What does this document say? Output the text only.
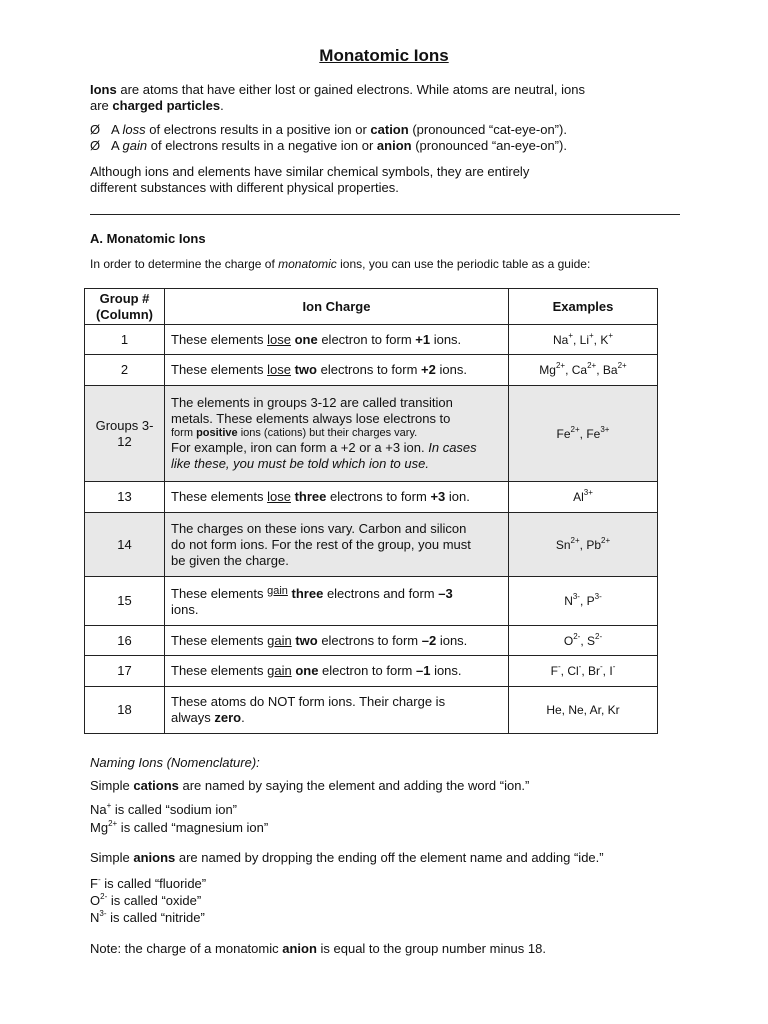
Monatomic Ions

Ions are atoms that have either lost or gained electrons. While atoms are neutral, ions

are charged particles.

Ø A loss of electrons results in a positive ion or cation (pronounced “cat-eye-on”).

Ø A gain of electrons results in a negative ion or anion (pronounced “an-eye-on”).

Although ions and elements have similar chemical symbols, they are entirely

different substances with different physical properties.

A. Monatomic Ions
In order to determine the charge of monatomic ions, you can use the periodic table as a guide:
Group #
(Column)	Ion Charge	Examples
1	These elements lose one electron to form +1 ions.	Na+, Li+, K+
2	These elements lose two electrons to form +2 ions.	$Mg^{2+}$, $Ca^{2+}$, $Ba^{2+}$
Groups 3-12	The elements in groups 3-12 are called transition
metals. These elements always lose electrons to
form positive ions (cations) but their charges vary.
For example, iron can form a +2 or a +3 ion. In cases
like these, you must be told which ion to use.	$Fe^{2+}$, $Fe^{3+}$
13	These elements lose three electrons to form +3 ion.	$Al^{3+}$
14	The charges on these ions vary. Carbon and silicon
do not form ions. For the rest of the group, you must
be given the charge.	$Sn^{2+}$, $Pb^{2+}$
15	These elements $^{gain}$ three electrons and form –3
ions.	$N^{3-}$, $P^{3-}$
16	These elements gain two electrons to form –2 ions.	$O^{2-}$, $S^{2-}$
17	These elements gain one electron to form –1 ions.	F-, Cl-, Br-, I-
18	These atoms do NOT form ions. Their charge is
always zero.	He, Ne, Ar, Kr
Naming Ions (Nomenclature):

Simple cations are named by saying the element and adding the word “ion.”

Na+ is called “sodium ion”

$Mg^{2+}$ is called “magnesium ion”

Simple anions are named by dropping the ending off the element name and adding “ide.”

F- is called “fluoride”

$O^{2-}$ is called “oxide”

$N^{3-}$ is called “nitride”

Note: the charge of a monatomic anion is equal to the group number minus 18.
